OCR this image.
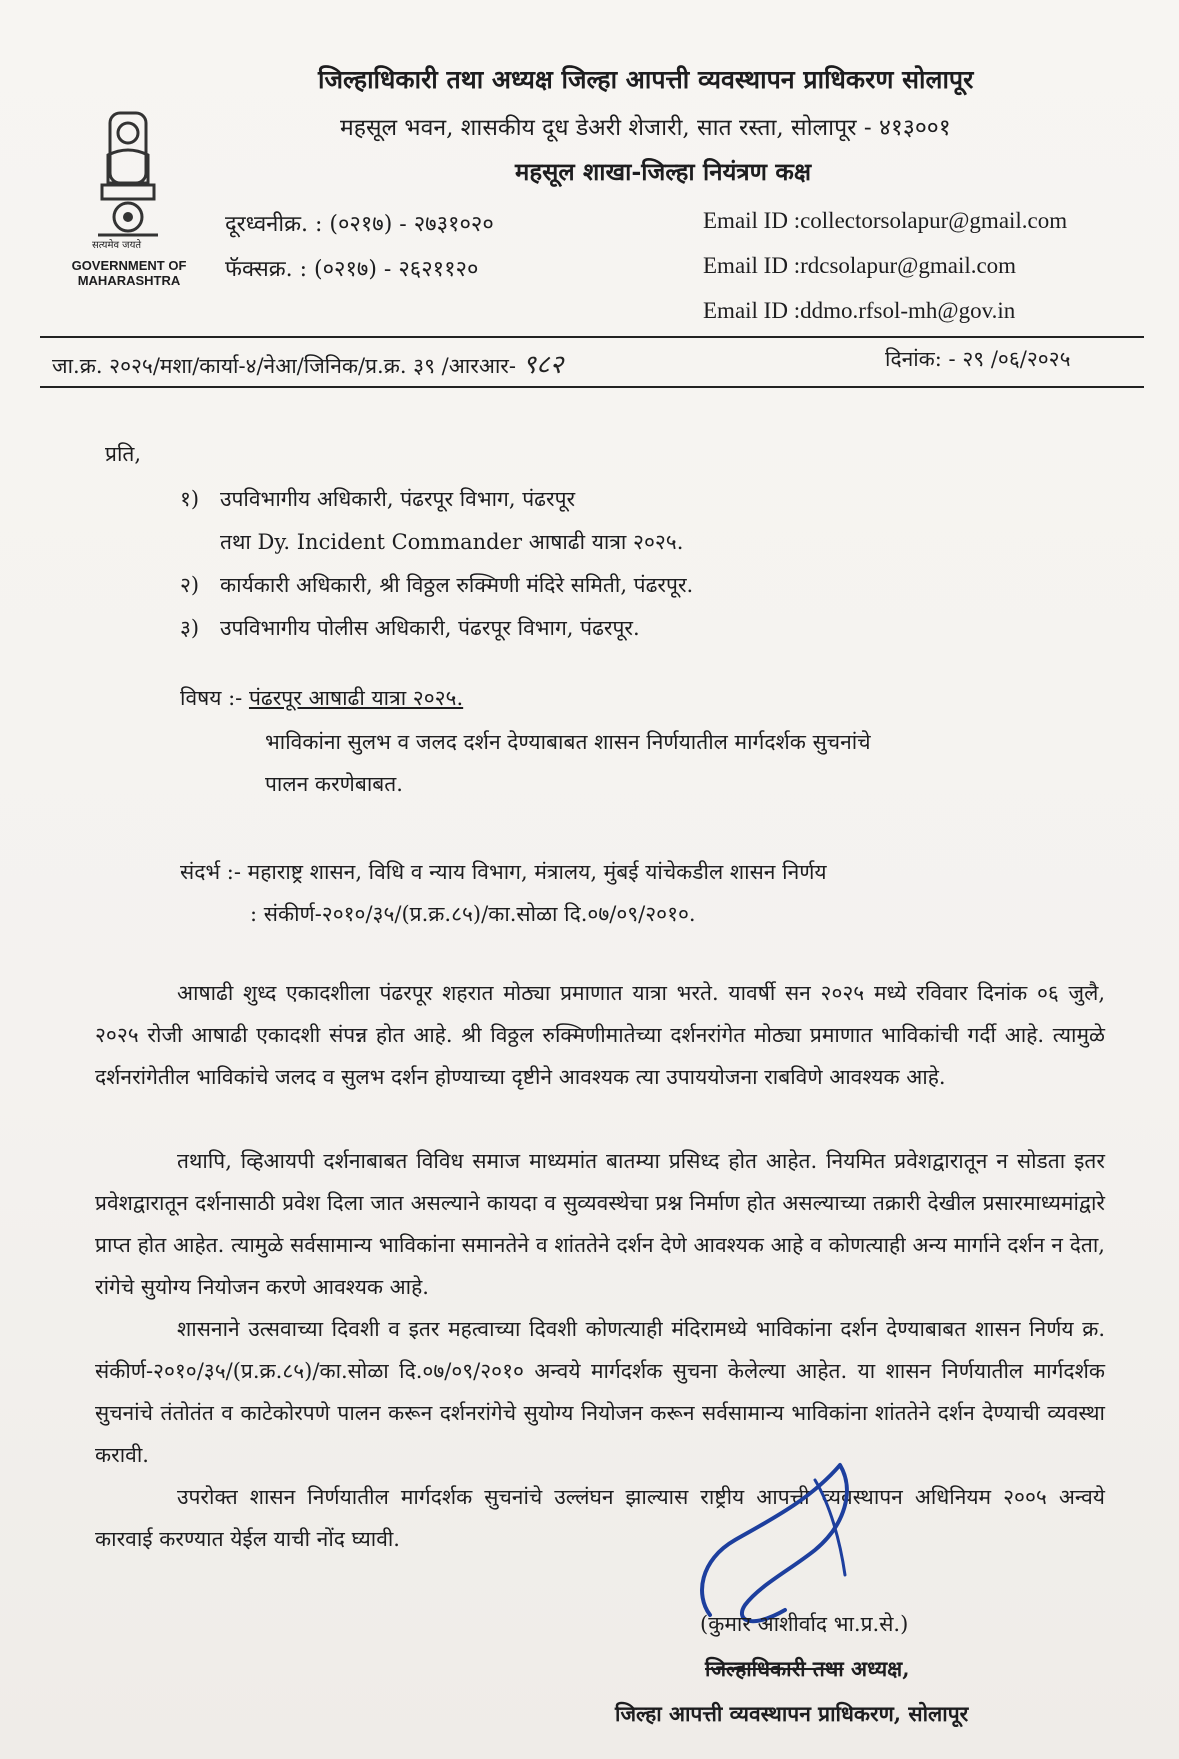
सत्यमेव जयते
GOVERNMENT OF MAHARASHTRA
जिल्हाधिकारी तथा अध्यक्ष जिल्हा आपत्ती व्यवस्थापन प्राधिकरण सोलापूर
महसूल भवन, शासकीय दूध डेअरी शेजारी, सात रस्ता, सोलापूर - ४१३००१
महसूल शाखा-जिल्हा नियंत्रण कक्ष
दूरध्वनीक्र. : (०२१७) - २७३१०२०
फॅक्सक्र. : (०२१७) - २६२११२०
Email ID :collectorsolapur@gmail.com
Email ID :rdcsolapur@gmail.com
Email ID :ddmo.rfsol-mh@gov.in
जा.क्र. २०२५/मशा/कार्या-४/नेआ/जिनिक/प्र.क्र. ३९ /आरआर- ९८२	दिनांक: - २९ /०६/२०२५
प्रति,
१) उपविभागीय अधिकारी, पंढरपूर विभाग, पंढरपूर
तथा Dy. Incident Commander आषाढी यात्रा २०२५.
२) कार्यकारी अधिकारी, श्री विठ्ठल रुक्मिणी मंदिरे समिती, पंढरपूर.
३) उपविभागीय पोलीस अधिकारी, पंढरपूर विभाग, पंढरपूर.
विषय :- पंढरपूर आषाढी यात्रा २०२५.
भाविकांना सुलभ व जलद दर्शन देण्याबाबत शासन निर्णयातील मार्गदर्शक सुचनांचे
पालन करणेबाबत.
संदर्भ :- महाराष्ट्र शासन, विधि व न्याय विभाग, मंत्रालय, मुंबई यांचेकडील शासन निर्णय
: संकीर्ण-२०१०/३५/(प्र.क्र.८५)/का.सोळा दि.०७/०९/२०१०.
आषाढी शुध्द एकादशीला पंढरपूर शहरात मोठ्या प्रमाणात यात्रा भरते. यावर्षी सन २०२५ मध्ये रविवार दिनांक ०६ जुलै, २०२५ रोजी आषाढी एकादशी संपन्न होत आहे. श्री विठ्ठल रुक्मिणीमातेच्या दर्शनरांगेत मोठ्या प्रमाणात भाविकांची गर्दी आहे. त्यामुळे दर्शनरांगेतील भाविकांचे जलद व सुलभ दर्शन होण्याच्या दृष्टीने आवश्यक त्या उपाययोजना राबविणे आवश्यक आहे.
तथापि, व्हिआयपी दर्शनाबाबत विविध समाज माध्यमांत बातम्या प्रसिध्द होत आहेत. नियमित प्रवेशद्वारातून न सोडता इतर प्रवेशद्वारातून दर्शनासाठी प्रवेश दिला जात असल्याने कायदा व सुव्यवस्थेचा प्रश्न निर्माण होत असल्याच्या तक्रारी देखील प्रसारमाध्यमांद्वारे प्राप्त होत आहेत. त्यामुळे सर्वसामान्य भाविकांना समानतेने व शांततेने दर्शन देणे आवश्यक आहे व कोणत्याही अन्य मार्गाने दर्शन न देता, रांगेचे सुयोग्य नियोजन करणे आवश्यक आहे.
शासनाने उत्सवाच्या दिवशी व इतर महत्वाच्या दिवशी कोणत्याही मंदिरामध्ये भाविकांना दर्शन देण्याबाबत शासन निर्णय क्र. संकीर्ण-२०१०/३५/(प्र.क्र.८५)/का.सोळा दि.०७/०९/२०१० अन्वये मार्गदर्शक सुचना केलेल्या आहेत. या शासन निर्णयातील मार्गदर्शक सुचनांचे तंतोतंत व काटेकोरपणे पालन करून दर्शनरांगेचे सुयोग्य नियोजन करून सर्वसामान्य भाविकांना शांततेने दर्शन देण्याची व्यवस्था करावी.
उपरोक्त शासन निर्णयातील मार्गदर्शक सुचनांचे उल्लंघन झाल्यास राष्ट्रीय आपत्ती व्यवस्थापन अधिनियम २००५ अन्वये कारवाई करण्यात येईल याची नोंद घ्यावी.
(कुमार आशीर्वाद भा.प्र.से.)
जिल्हाधिकारी तथा अध्यक्ष,
जिल्हा आपत्ती व्यवस्थापन प्राधिकरण, सोलापूर
